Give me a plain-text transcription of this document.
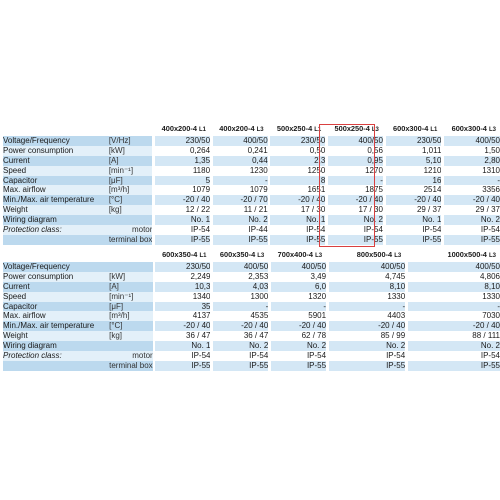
			400x200-4 L1		400x200-4 L3		500x250-4 L1		500x250-4 L3		600x300-4 L1		600x300-4 L3
Voltage/Frequency	[V/Hz]		230/50		400/50		230/50		400/50		230/50		400/50
Power consumption	[kW]		0,264		0,241		0,50		0,56		1,011		1,50
Current	[A]		1,35		0,44		2,3		0,95		5,10		2,80
Speed	[min⁻¹]		1180		1230		1250		1270		1210		1310
Capacitor	[μF]		5		-		8		-		16		-
Max. airflow	[m³/h]		1079		1079		1651		1875		2514		3356
Min./Max. air temperature	[°C]		-20 / 40		-20 / 70		-20 / 40		-20 / 40		-20 / 40		-20 / 40
Weight	[kg]		12 / 22		11 / 21		17 / 30		17 / 30		29 / 37		29 / 37
Wiring diagram			No. 1		No. 2		No. 1		No. 2		No. 1		No. 2
Protection class:	motor		IP-54		IP-44		IP-54		IP-54		IP-54		IP-54
	terminal box		IP-55		IP-55		IP-55		IP-55		IP-55		IP-55
			600x350-4 L1		600x350-4 L3		700x400-4 L3		800x500-4 L3		1000x500-4 L3
Voltage/Frequency			230/50		400/50		400/50		400/50		400/50
Power consumption	[kW]		2,249		2,353		3,49		4,745		4,806
Current	[A]		10,3		4,03		6,0		8,10		8,10
Speed	[min⁻¹]		1340		1300		1320		1330		1330
Capacitor	[μF]		35		-		-		-		-
Max. airflow	[m³/h]		4137		4535		5901		4403		7030
Min./Max. air temperature	[°C]		-20 / 40		-20 / 40		-20 / 40		-20 / 40		-20 / 40
Weight	[kg]		36 / 47		36 / 47		62 / 78		85 / 99		88 / 111
Wiring diagram			No. 1		No. 2		No. 2		No. 2		No. 2
Protection class:	motor		IP-54		IP-54		IP-54		IP-54		IP-54
	terminal box		IP-55		IP-55		IP-55		IP-55		IP-55
